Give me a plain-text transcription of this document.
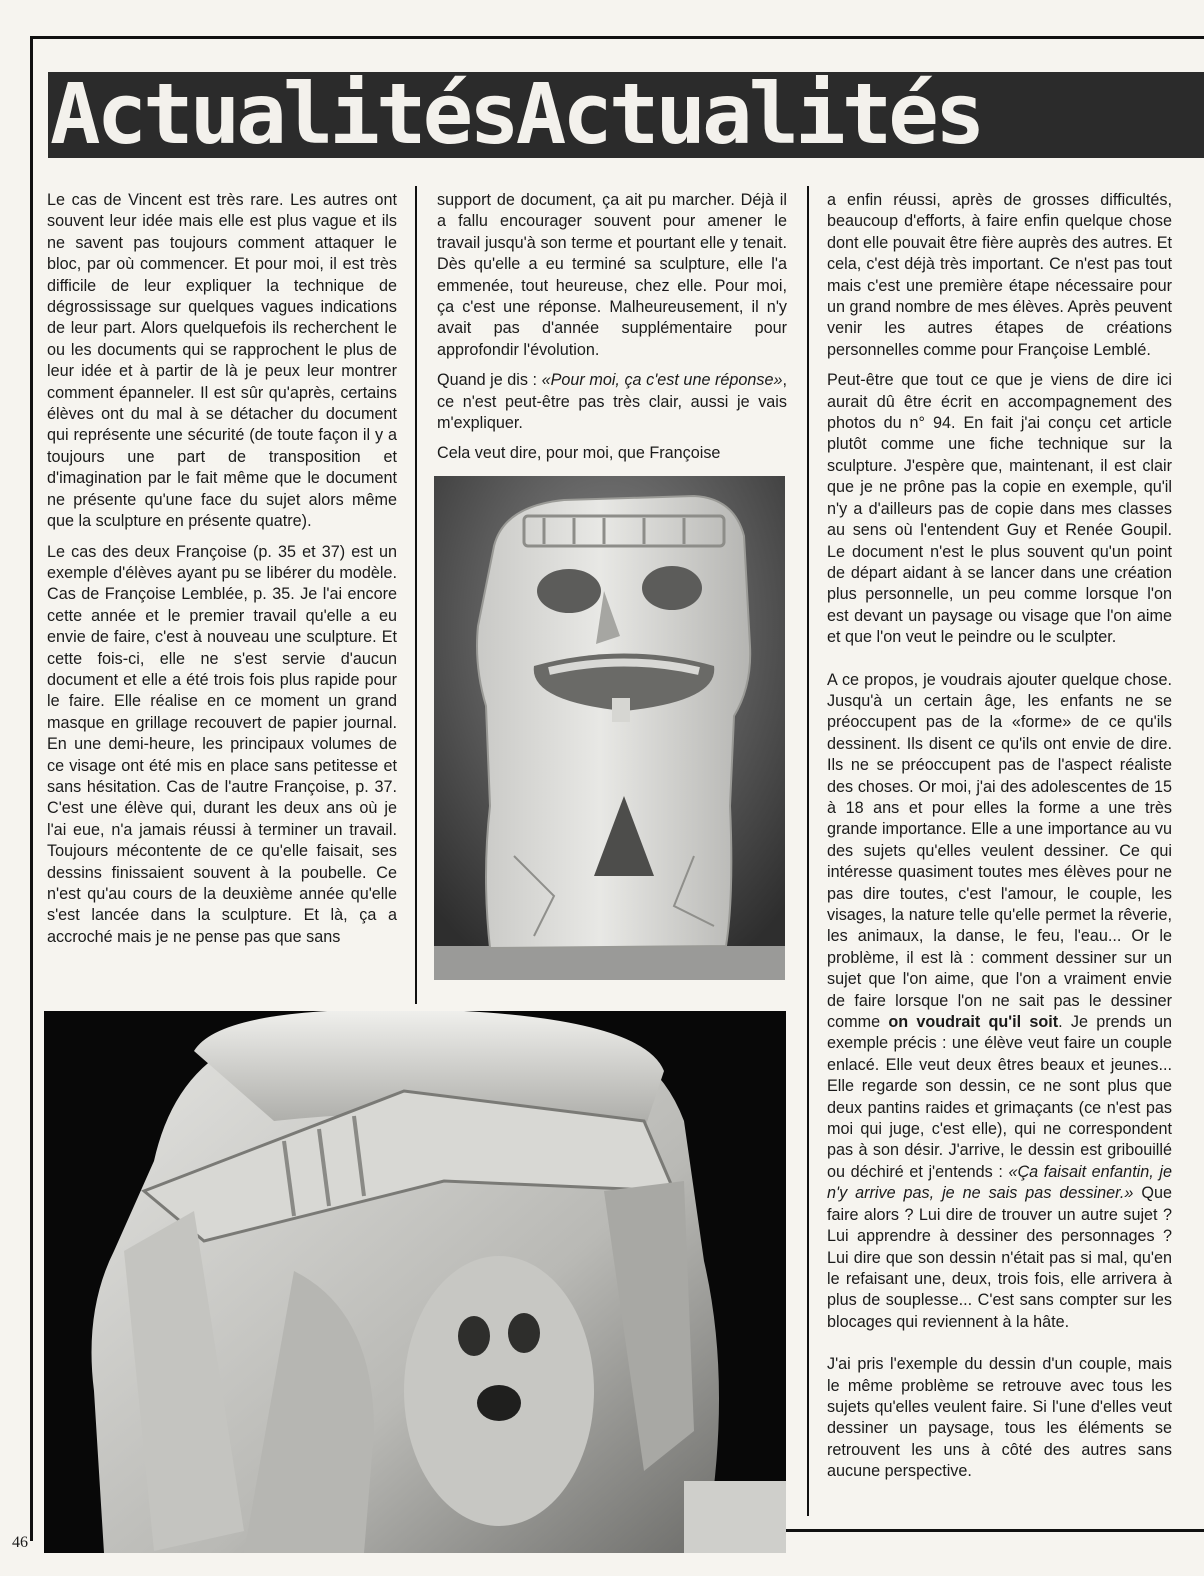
ActualitésActualités

Le cas de Vincent est très rare. Les autres ont souvent leur idée mais elle est plus vague et ils ne savent pas toujours comment attaquer le bloc, par où commencer. Et pour moi, il est très difficile de leur expliquer la technique de dégrossissage sur quelques vagues indications de leur part. Alors quelquefois ils recherchent le ou les documents qui se rapprochent le plus de leur idée et à partir de là je peux leur montrer comment épanneler. Il est sûr qu'après, certains élèves ont du mal à se détacher du document qui représente une sécurité (de toute façon il y a toujours une part de transposition et d'imagination par le fait même que le document ne présente qu'une face du sujet alors même que la sculpture en présente quatre).

Le cas des deux Françoise (p. 35 et 37) est un exemple d'élèves ayant pu se libérer du modèle. Cas de Françoise Lemblée, p. 35. Je l'ai encore cette année et le premier travail qu'elle a eu envie de faire, c'est à nouveau une sculpture. Et cette fois-ci, elle ne s'est servie d'aucun document et elle a été trois fois plus rapide pour le faire. Elle réalise en ce moment un grand masque en grillage recouvert de papier journal. En une demi-heure, les principaux volumes de ce visage ont été mis en place sans petitesse et sans hésitation. Cas de l'autre Françoise, p. 37. C'est une élève qui, durant les deux ans où je l'ai eue, n'a jamais réussi à terminer un travail. Toujours mécontente de ce qu'elle faisait, ses dessins finissaient souvent à la poubelle. Ce n'est qu'au cours de la deuxième année qu'elle s'est lancée dans la sculpture. Et là, ça a accroché mais je ne pense pas que sans

support de document, ça ait pu marcher. Déjà il a fallu encourager souvent pour amener le travail jusqu'à son terme et pourtant elle y tenait. Dès qu'elle a eu terminé sa sculpture, elle l'a emmenée, tout heureuse, chez elle. Pour moi, ça c'est une réponse. Malheureusement, il n'y avait pas d'année supplémentaire pour approfondir l'évolution.

Quand je dis : «Pour moi, ça c'est une réponse», ce n'est peut-être pas très clair, aussi je vais m'expliquer.

Cela veut dire, pour moi, que Françoise

a enfin réussi, après de grosses difficultés, beaucoup d'efforts, à faire enfin quelque chose dont elle pouvait être fière auprès des autres. Et cela, c'est déjà très important. Ce n'est pas tout mais c'est une première étape nécessaire pour un grand nombre de mes élèves. Après peuvent venir les autres étapes de créations personnelles comme pour Françoise Lemblé.

Peut-être que tout ce que je viens de dire ici aurait dû être écrit en accompagnement des photos du n° 94. En fait j'ai conçu cet article plutôt comme une fiche technique sur la sculpture. J'espère que, maintenant, il est clair que je ne prône pas la copie en exemple, qu'il n'y a d'ailleurs pas de copie dans mes classes au sens où l'entendent Guy et Renée Goupil. Le document n'est le plus souvent qu'un point de départ aidant à se lancer dans une création plus personnelle, un peu comme lorsque l'on est devant un paysage ou visage que l'on aime et que l'on veut le peindre ou le sculpter.

A ce propos, je voudrais ajouter quelque chose. Jusqu'à un certain âge, les enfants ne se préoccupent pas de la «forme» de ce qu'ils dessinent. Ils disent ce qu'ils ont envie de dire. Ils ne se préoccupent pas de l'aspect réaliste des choses. Or moi, j'ai des adolescentes de 15 à 18 ans et pour elles la forme a une très grande importance. Elle a une importance au vu des sujets qu'elles veulent dessiner. Ce qui intéresse quasiment toutes mes élèves pour ne pas dire toutes, c'est l'amour, le couple, les visages, la nature telle qu'elle permet la rêverie, les animaux, la danse, le feu, l'eau... Or le problème, il est là : comment dessiner sur un sujet que l'on aime, que l'on a vraiment envie de faire lorsque l'on ne sait pas le dessiner comme on voudrait qu'il soit. Je prends un exemple précis : une élève veut faire un couple enlacé. Elle veut deux êtres beaux et jeunes... Elle regarde son dessin, ce ne sont plus que deux pantins raides et grimaçants (ce n'est pas moi qui juge, c'est elle), qui ne correspondent pas à son désir. J'arrive, le dessin est gribouillé ou déchiré et j'entends : «Ça faisait enfantin, je n'y arrive pas, je ne sais pas dessiner.» Que faire alors ? Lui dire de trouver un autre sujet ? Lui apprendre à dessiner des personnages ? Lui dire que son dessin n'était pas si mal, qu'en le refaisant une, deux, trois fois, elle arrivera à plus de souplesse... C'est sans compter sur les blocages qui reviennent à la hâte.

J'ai pris l'exemple du dessin d'un couple, mais le même problème se retrouve avec tous les sujets qu'elles veulent faire. Si l'une d'elles veut dessiner un paysage, tous les éléments se retrouvent les uns à côté des autres sans aucune perspective.

46
